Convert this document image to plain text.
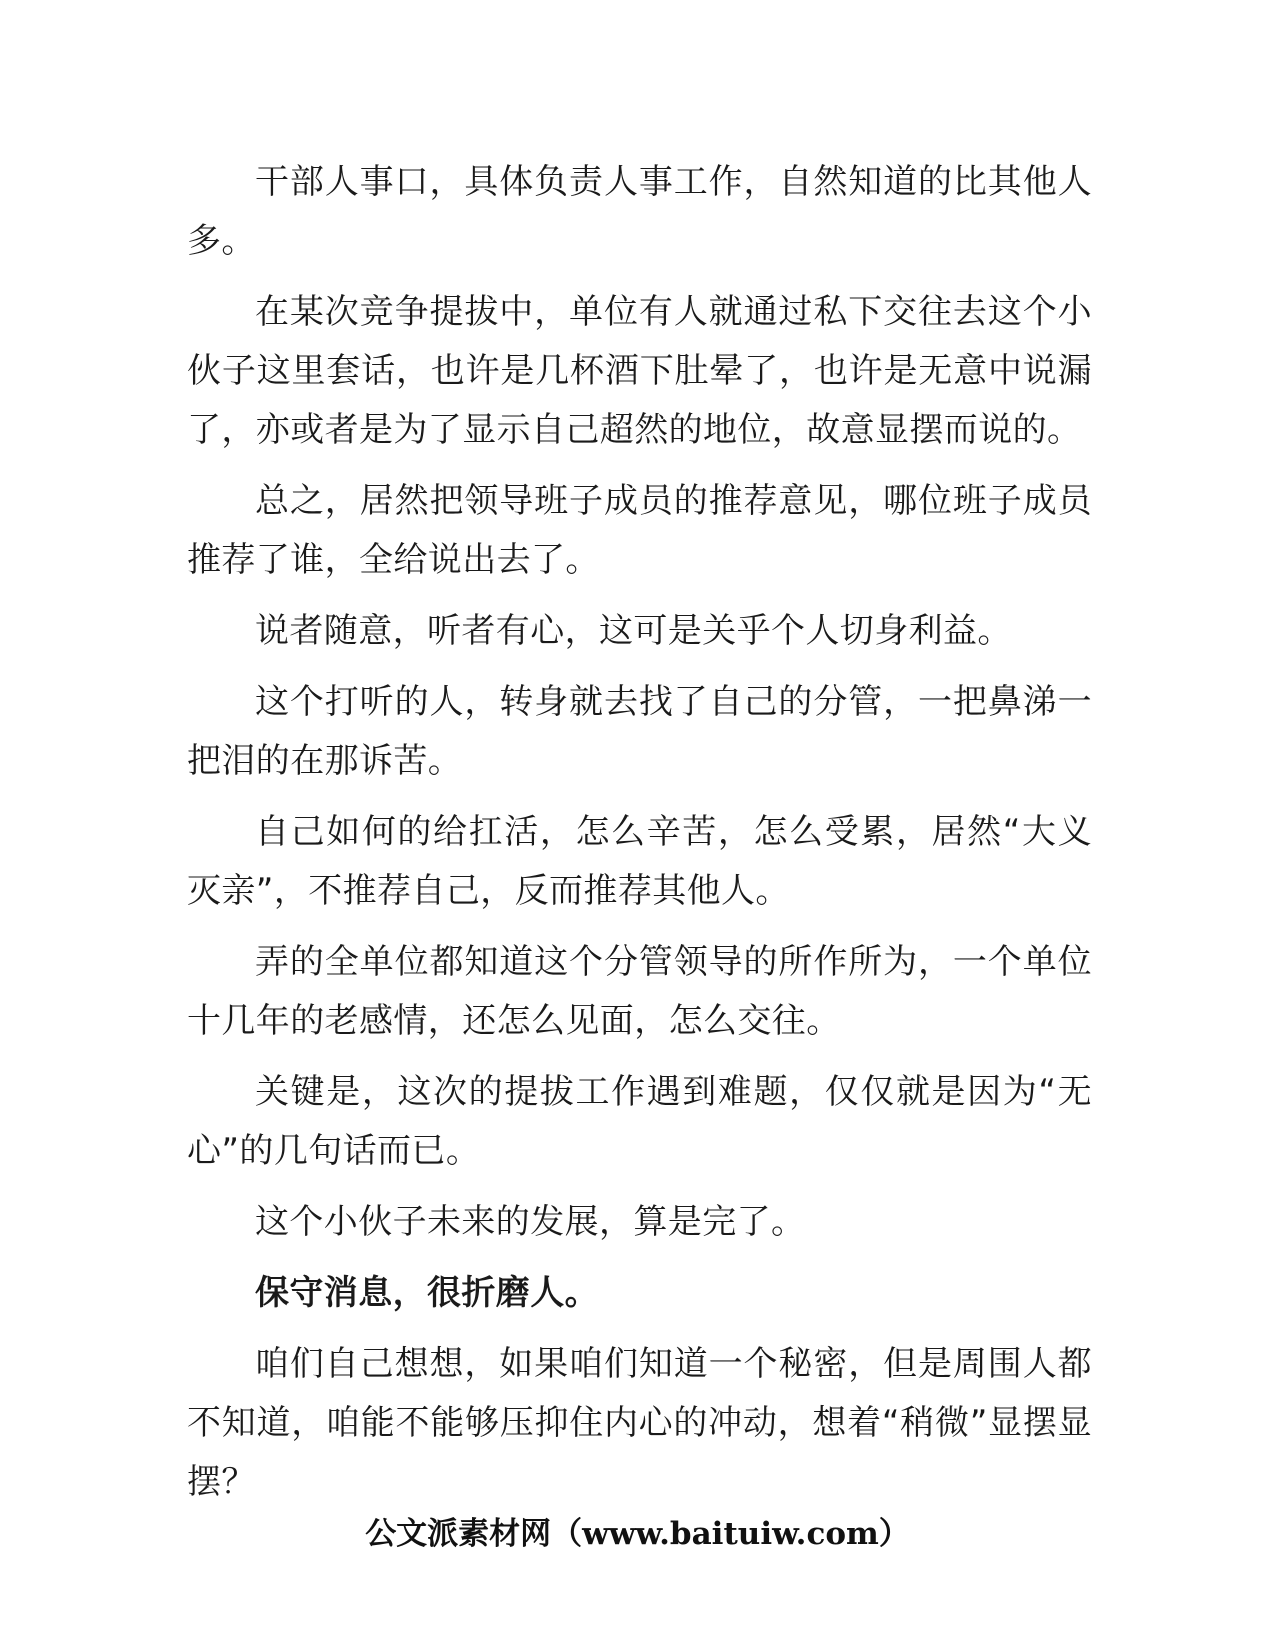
干部人事口，具体负责人事工作，自然知道的比其他人多。

在某次竞争提拔中，单位有人就通过私下交往去这个小伙子这里套话，也许是几杯酒下肚晕了，也许是无意中说漏了，亦或者是为了显示自己超然的地位，故意显摆而说的。

总之，居然把领导班子成员的推荐意见，哪位班子成员推荐了谁，全给说出去了。

说者随意，听者有心，这可是关乎个人切身利益。

这个打听的人，转身就去找了自己的分管，一把鼻涕一把泪的在那诉苦。

自己如何的给扛活，怎么辛苦，怎么受累，居然“大义灭亲”，不推荐自己，反而推荐其他人。

弄的全单位都知道这个分管领导的所作所为，一个单位十几年的老感情，还怎么见面，怎么交往。

关键是，这次的提拔工作遇到难题，仅仅就是因为“无心”的几句话而已。

这个小伙子未来的发展，算是完了。

保守消息，很折磨人。

咱们自己想想，如果咱们知道一个秘密，但是周围人都不知道，咱能不能够压抑住内心的冲动，想着“稍微”显摆显摆？

公文派素材网（www.baituiw.com）
